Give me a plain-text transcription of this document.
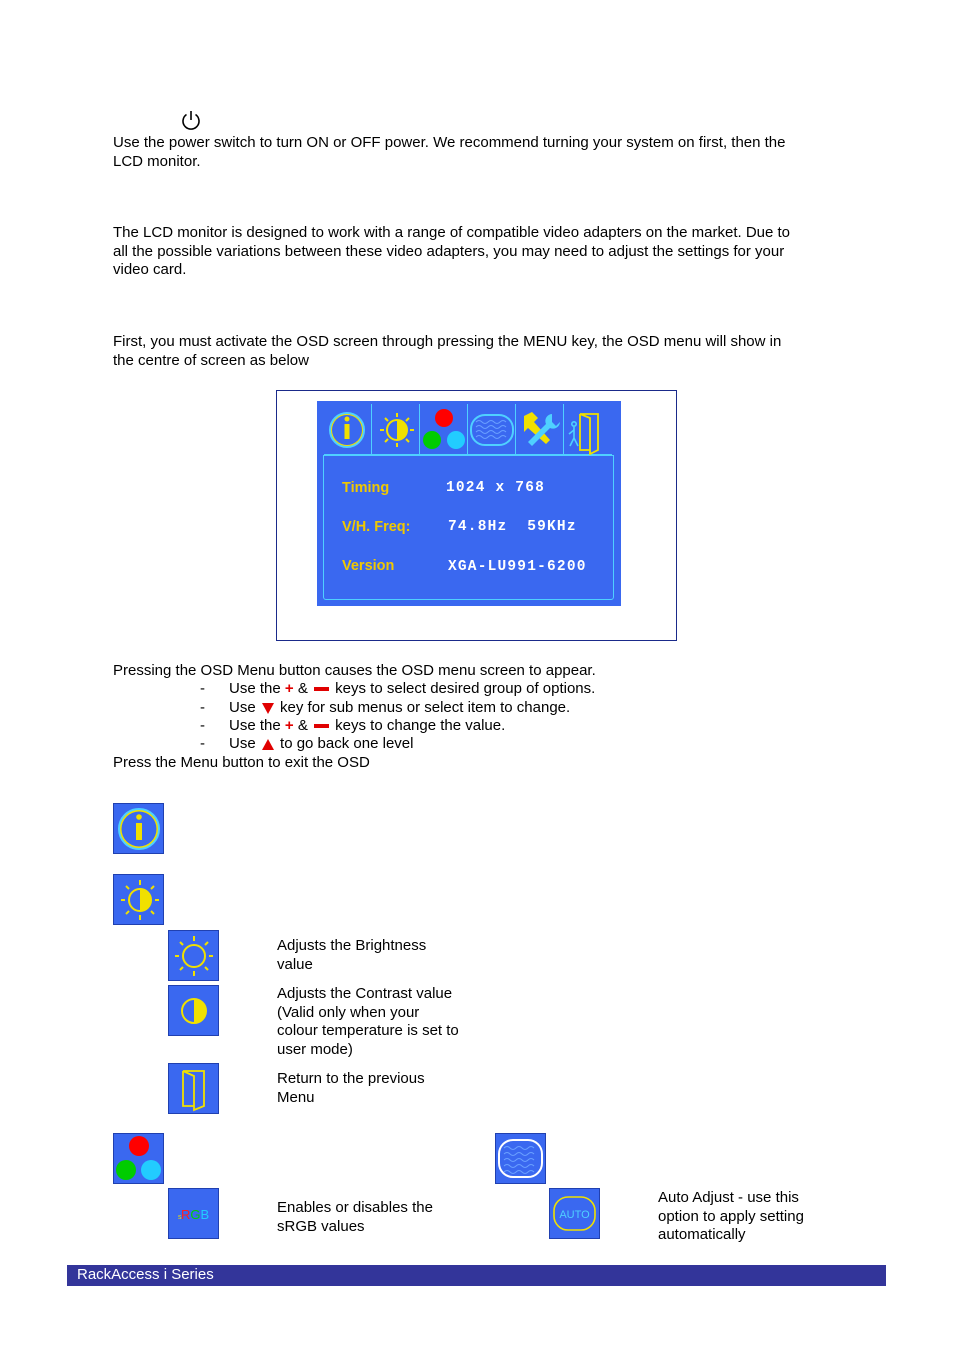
Use the power switch to turn ON or OFF power. We recommend turning your system on first, then the
LCD monitor.
The LCD monitor is designed to work with a range of compatible video adapters on the market. Due to
all the possible variations between these video adapters, you may need to adjust the settings for your
video card.
First, you must activate the OSD screen through pressing the MENU key, the OSD menu will show in
the centre of screen as below
Timing	1024 x 768
V/H. Freq:	74.8Hz  59KHz
Version	XGA-LU991-6200
Pressing the OSD Menu button causes the OSD menu screen to appear.
- Use the + & keys to select desired group of options.
- Use key for sub menus or select item to change.
- Use the + & keys to change the value.
- Use to go back one level
Press the Menu button to exit the OSD
Adjusts the Brightness
value
Adjusts the Contrast value
(Valid only when your
colour temperature is set to
user mode)
Return to the previous
Menu
s RGB	Enables or disables the
sRGB values
AUTO
Auto Adjust - use this
option to apply setting
automatically
RackAccess i Series
